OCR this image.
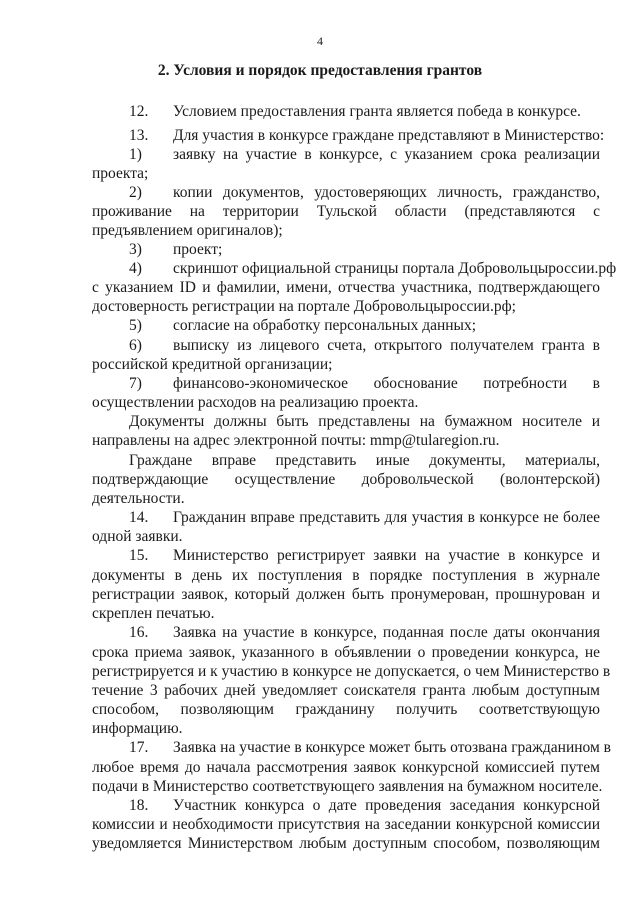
4
2. Условия и порядок предоставления грантов
Условием предоставления гранта является победа в конкурсе.
12.
Для участия в конкурсе граждане представляют в Министерство:
13.
заявку на участие в конкурсе, с указанием срока реализации
1)
проекта;
копии документов, удостоверяющих личность, гражданство,
2)
проживание на территории Тульской области (представляются с
предъявлением оригиналов);
проект;
3)
скриншот официальной страницы портала Добровольцыроссии.рф
4)
с указанием ID и фамилии, имени, отчества участника, подтверждающего
достоверность регистрации на портале Добровольцыроссии.рф;
согласие на обработку персональных данных;
5)
выписку из лицевого счета, открытого получателем гранта в
6)
российской кредитной организации;
финансово-экономическое обоснование потребности в
7)
осуществлении расходов на реализацию проекта.
Документы должны быть представлены на бумажном носителе и
направлены на адрес электронной почты: mmp@tularegion.ru.
Граждане вправе представить иные документы, материалы,
подтверждающие осуществление добровольческой (волонтерской)
деятельности.
Гражданин вправе представить для участия в конкурсе не более
14.
одной заявки.
Министерство регистрирует заявки на участие в конкурсе и
15.
документы в день их поступления в порядке поступления в журнале
регистрации заявок, который должен быть пронумерован, прошнурован и
скреплен печатью.
Заявка на участие в конкурсе, поданная после даты окончания
16.
срока приема заявок, указанного в объявлении о проведении конкурса, не
регистрируется и к участию в конкурсе не допускается, о чем Министерство в
течение 3 рабочих дней уведомляет соискателя гранта любым доступным
способом, позволяющим гражданину получить соответствующую
информацию.
Заявка на участие в конкурсе может быть отозвана гражданином в
17.
любое время до начала рассмотрения заявок конкурсной комиссией путем
подачи в Министерство соответствующего заявления на бумажном носителе.
Участник конкурса о дате проведения заседания конкурсной
18.
комиссии и необходимости присутствия на заседании конкурсной комиссии
уведомляется Министерством любым доступным способом, позволяющим
